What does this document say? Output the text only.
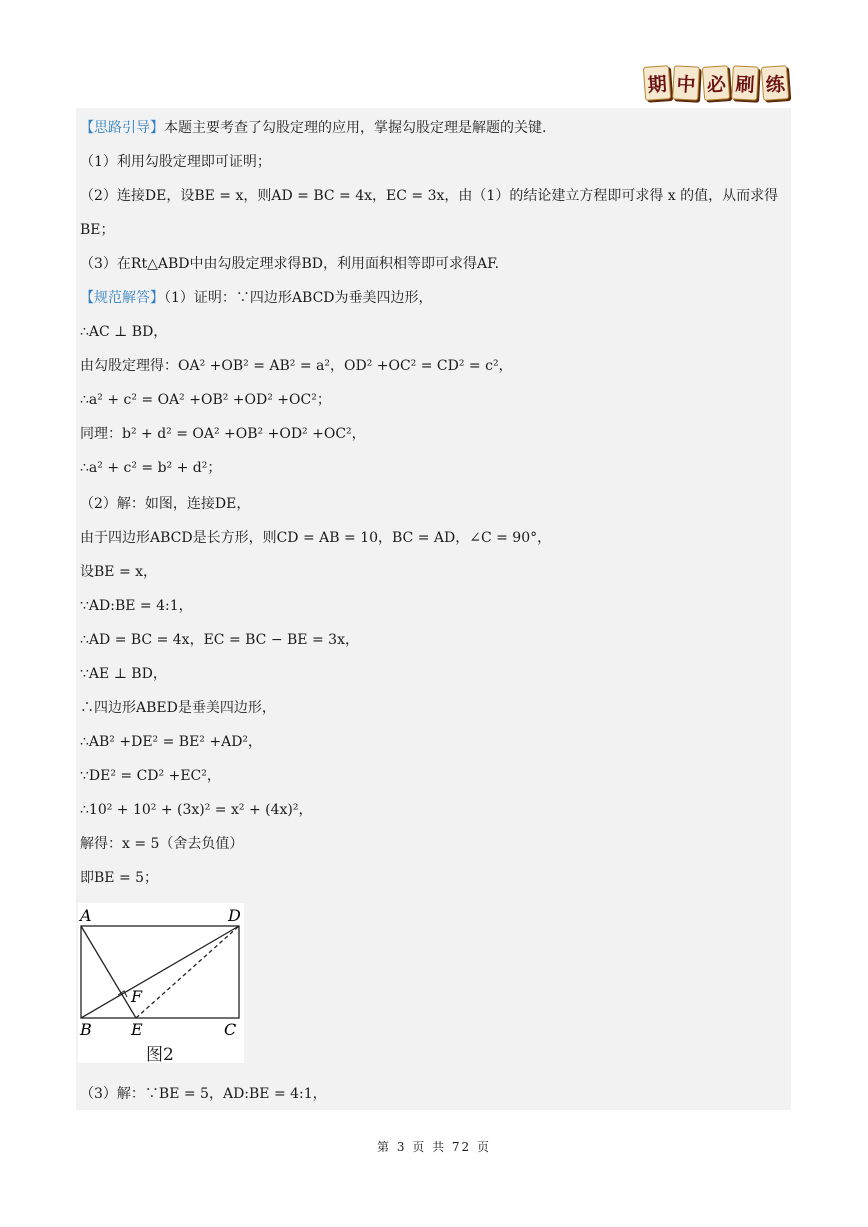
期 中 必 刷 练
【思路引导】本题主要考查了勾股定理的应用，掌握勾股定理是解题的关键.
（1）利用勾股定理即可证明；
（2）连接DE，设BE = x，则AD = BC = 4x，EC = 3x，由（1）的结论建立方程即可求得 x 的值，从而求得
BE；
（3）在Rt△ABD中由勾股定理求得BD，利用面积相等即可求得AF.
【规范解答】（1）证明：∵四边形ABCD为垂美四边形，
∴AC ⊥ BD，
由勾股定理得：OA² +OB² = AB² = a²，OD² +OC² = CD² = c²，
∴a² + c² = OA² +OB² +OD² +OC²；
同理：b² + d² = OA² +OB² +OD² +OC²，
∴a² + c² = b² + d²；
（2）解：如图，连接DE，
由于四边形ABCD是长方形，则CD = AB = 10，BC = AD，∠C = 90°，
设BE = x，
∵AD:BE = 4:1，
∴AD = BC = 4x，EC = BC − BE = 3x，
∵AE ⊥ BD，
∴四边形ABED是垂美四边形，
∴AB² +DE² = BE² +AD²，
∵DE² = CD² +EC²，
∴10² + 10² + (3x)² = x² + (4x)²，
解得：x = 5（舍去负值）
即BE = 5；
（3）解：∵BE = 5，AD:BE = 4:1，
A	D
B E	C
F
图2
第 3 页 共 72 页
